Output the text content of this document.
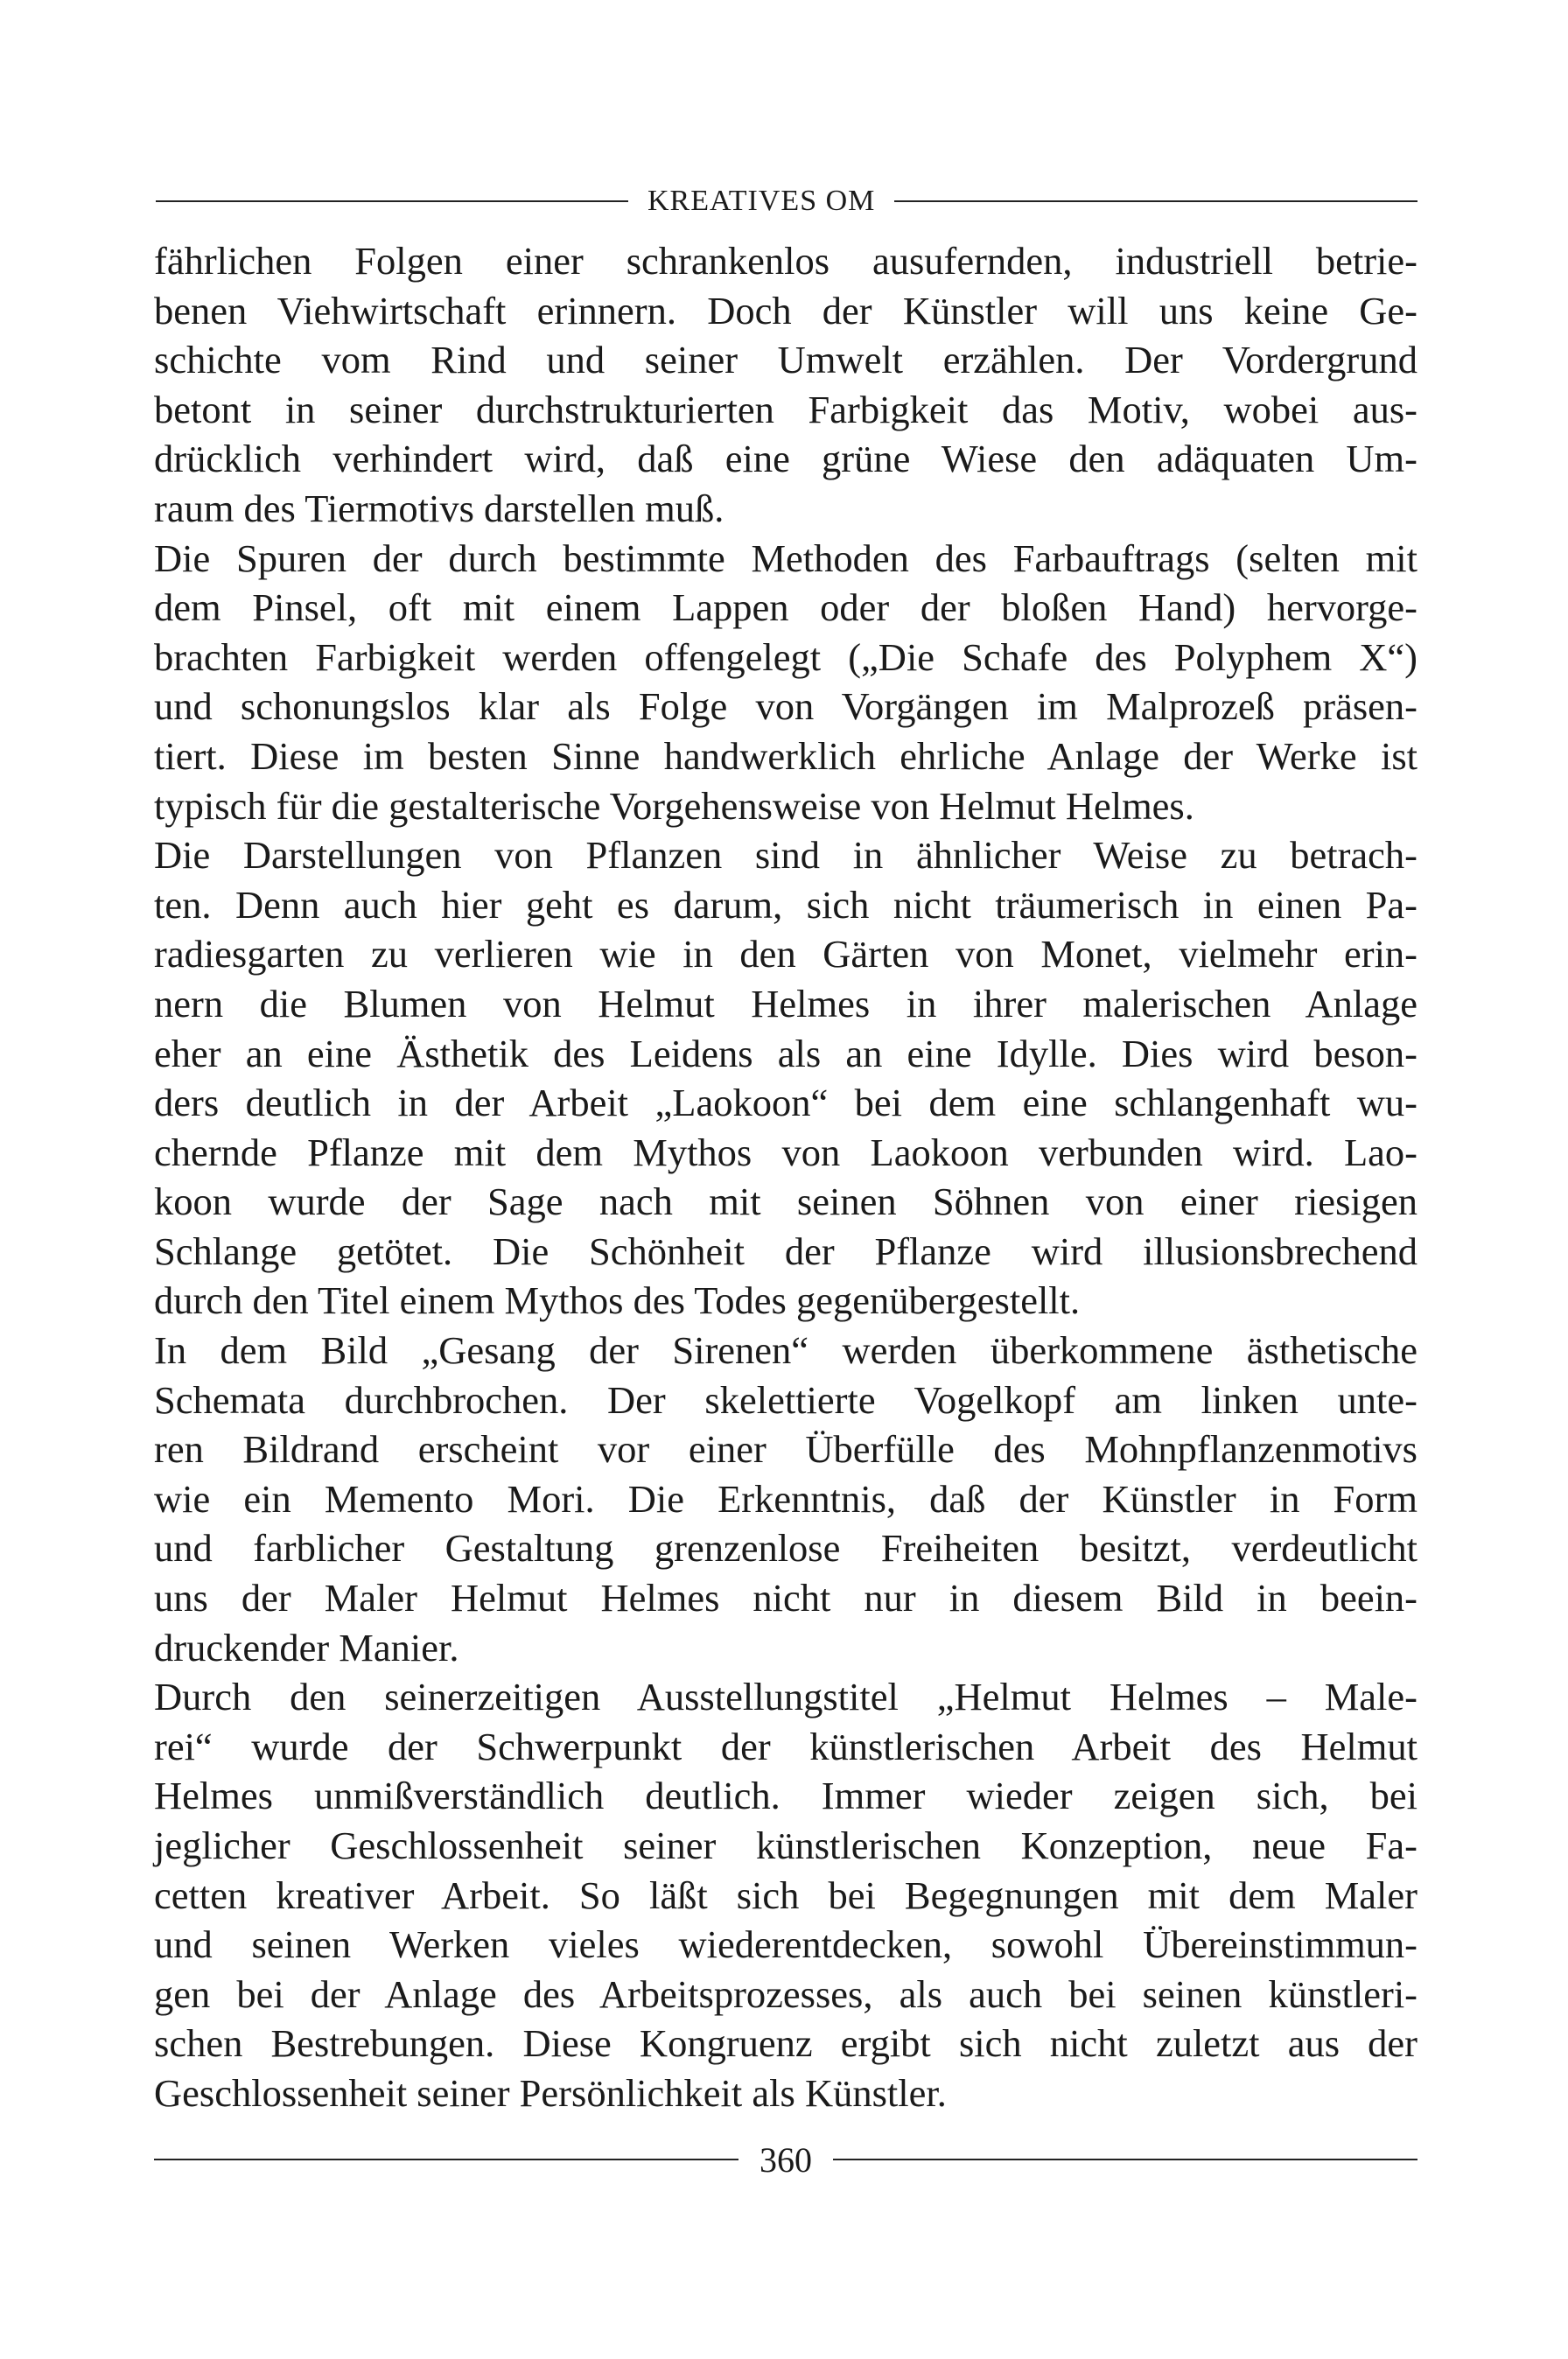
KREATIVES OM
fährlichen Folgen einer schrankenlos ausufernden, industriell betrie-
benen Viehwirtschaft erinnern. Doch der Künstler will uns keine Ge-
schichte vom Rind und seiner Umwelt erzählen. Der Vordergrund
betont in seiner durchstrukturierten Farbigkeit das Motiv, wobei aus-
drücklich verhindert wird, daß eine grüne Wiese den adäquaten Um-
raum des Tiermotivs darstellen muß.
Die Spuren der durch bestimmte Methoden des Farbauftrags (selten mit
dem Pinsel, oft mit einem Lappen oder der bloßen Hand) hervorge-
brachten Farbigkeit werden offengelegt („Die Schafe des Polyphem X“)
und schonungslos klar als Folge von Vorgängen im Malprozeß präsen-
tiert. Diese im besten Sinne handwerklich ehrliche Anlage der Werke ist
typisch für die gestalterische Vorgehensweise von Helmut Helmes.
Die Darstellungen von Pflanzen sind in ähnlicher Weise zu betrach-
ten. Denn auch hier geht es darum, sich nicht träumerisch in einen Pa-
radiesgarten zu verlieren wie in den Gärten von Monet, vielmehr erin-
nern die Blumen von Helmut Helmes in ihrer malerischen Anlage
eher an eine Ästhetik des Leidens als an eine Idylle. Dies wird beson-
ders deutlich in der Arbeit „Laokoon“ bei dem eine schlangenhaft wu-
chernde Pflanze mit dem Mythos von Laokoon verbunden wird. Lao-
koon wurde der Sage nach mit seinen Söhnen von einer riesigen
Schlange getötet. Die Schönheit der Pflanze wird illusionsbrechend
durch den Titel einem Mythos des Todes gegenübergestellt.
In dem Bild „Gesang der Sirenen“ werden überkommene ästhetische
Schemata durchbrochen. Der skelettierte Vogelkopf am linken unte-
ren Bildrand erscheint vor einer Überfülle des Mohnpflanzenmotivs
wie ein Memento Mori. Die Erkenntnis, daß der Künstler in Form
und farblicher Gestaltung grenzenlose Freiheiten besitzt, verdeutlicht
uns der Maler Helmut Helmes nicht nur in diesem Bild in beein-
druckender Manier.
Durch den seinerzeitigen Ausstellungstitel „Helmut Helmes – Male-
rei“ wurde der Schwerpunkt der künstlerischen Arbeit des Helmut
Helmes unmißverständlich deutlich. Immer wieder zeigen sich, bei
jeglicher Geschlossenheit seiner künstlerischen Konzeption, neue Fa-
cetten kreativer Arbeit. So läßt sich bei Begegnungen mit dem Maler
und seinen Werken vieles wiederentdecken, sowohl Übereinstimmun-
gen bei der Anlage des Arbeitsprozesses, als auch bei seinen künstleri-
schen Bestrebungen. Diese Kongruenz ergibt sich nicht zuletzt aus der
Geschlossenheit seiner Persönlichkeit als Künstler.
360
